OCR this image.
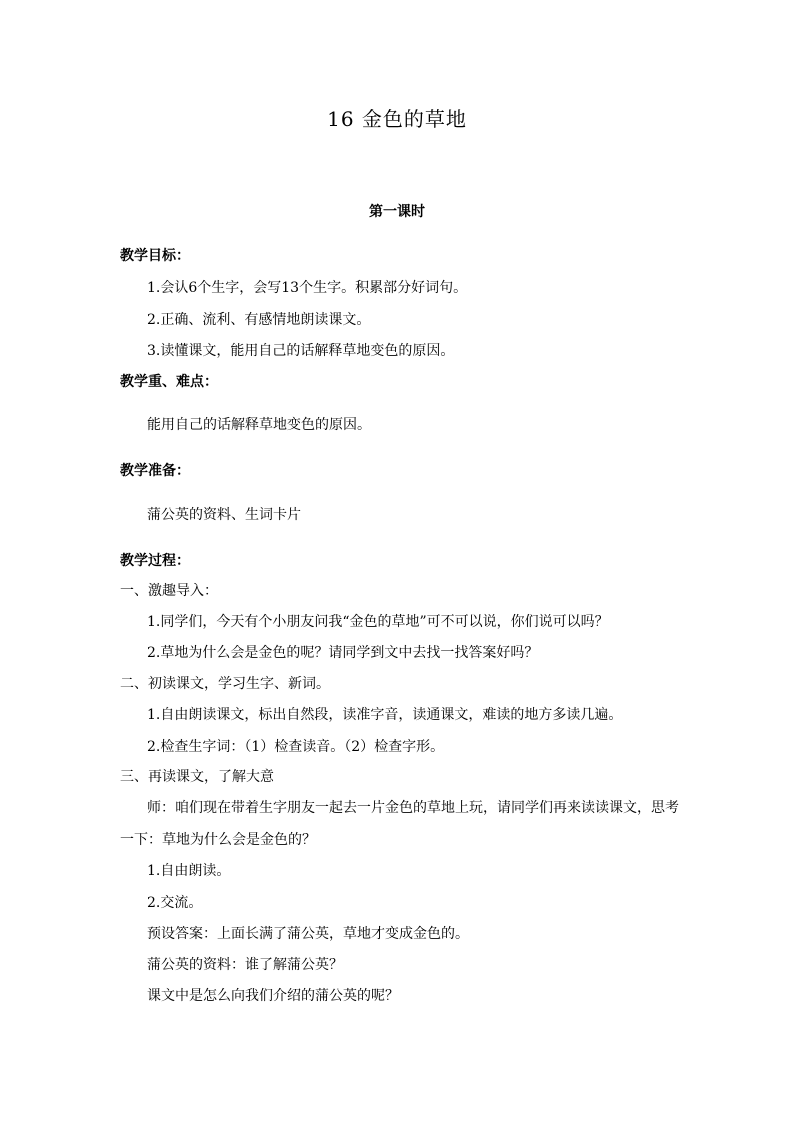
16 金色的草地
第一课时
教学目标：
1.会认6个生字，会写13个生字。积累部分好词句。
2.正确、流利、有感情地朗读课文。
3.读懂课文，能用自己的话解释草地变色的原因。
教学重、难点：
能用自己的话解释草地变色的原因。
教学准备：
蒲公英的资料、生词卡片
教学过程：
一、激趣导入：
1.同学们，今天有个小朋友问我“金色的草地”可不可以说，你们说可以吗？
2.草地为什么会是金色的呢？请同学到文中去找一找答案好吗？
二、初读课文，学习生字、新词。
1.自由朗读课文，标出自然段，读准字音，读通课文，难读的地方多读几遍。
2.检查生字词：（1）检查读音。（2）检查字形。
三、再读课文，了解大意
师：咱们现在带着生字朋友一起去一片金色的草地上玩，请同学们再来读读课文，思考
一下：草地为什么会是金色的？
1.自由朗读。
2.交流。
预设答案：上面长满了蒲公英，草地才变成金色的。
蒲公英的资料：谁了解蒲公英？
课文中是怎么向我们介绍的蒲公英的呢？
